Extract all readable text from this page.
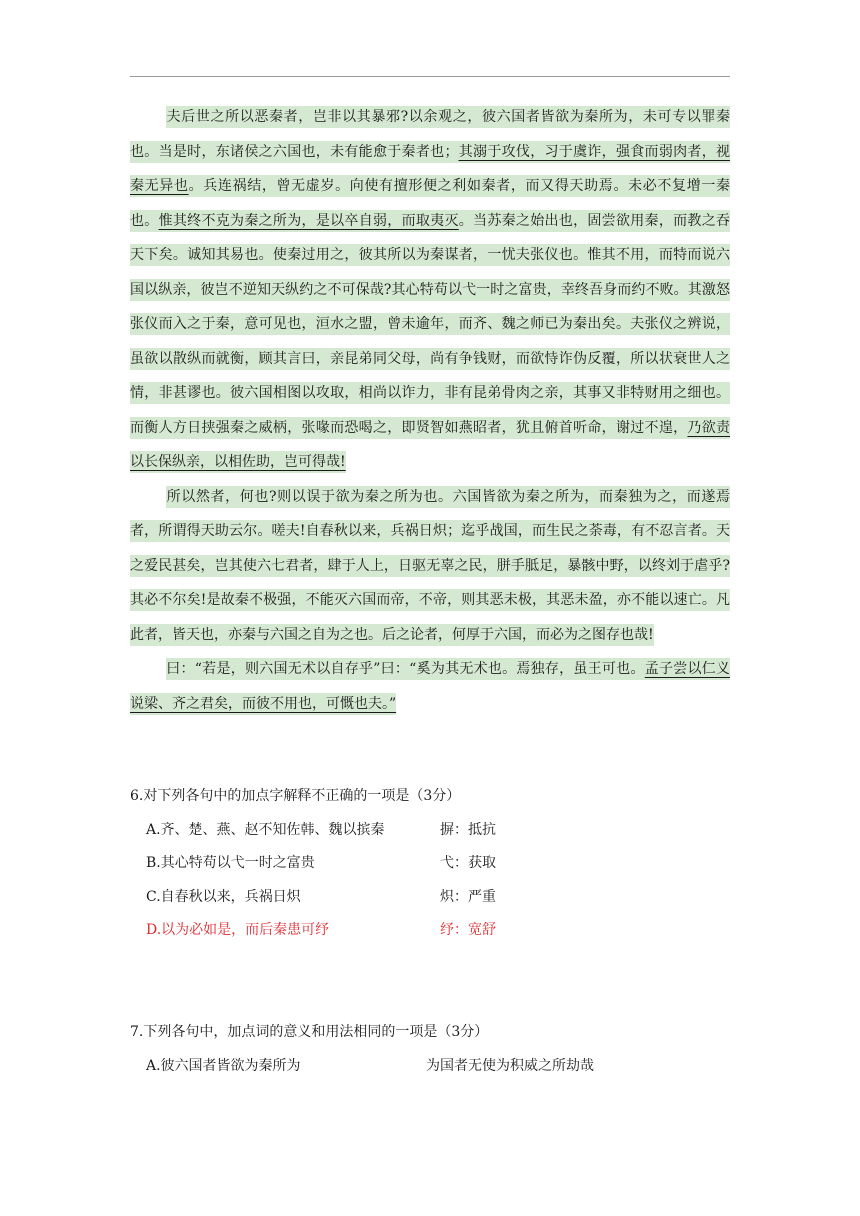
夫后世之所以恶秦者，岂非以其暴邪?以余观之，彼六国者皆欲为秦所为，未可专以罪秦也。当是时，东诸侯之六国也，未有能愈于秦者也；其溺于攻伐，习于虞诈，强食而弱肉者，视秦无异也。兵连祸结，曾无虚岁。向使有擅形便之利如秦者，而又得天助焉。未必不复增一秦也。惟其终不克为秦之所为，是以卒自弱，而取夷灭。当苏秦之始出也，固尝欲用秦，而教之吞天下矣。诚知其易也。使秦过用之，彼其所以为秦谋者，一忧夫张仪也。惟其不用，而特而说六国以纵亲，彼岂不逆知天纵约之不可保哉?其心特苟以弋一时之富贵，幸终吾身而约不败。其激怒张仪而入之于秦，意可见也，洹水之盟，曾未逾年，而齐、魏之师已为秦出矣。夫张仪之辨说，虽欲以散纵而就衡，顾其言曰，亲昆弟同父母，尚有争钱财，而欲恃诈伪反覆，所以状衰世人之情，非甚谬也。彼六国相图以攻取，相尚以诈力，非有昆弟骨肉之亲，其事又非特财用之细也。而衡人方日挟强秦之威柄，张喙而恐喝之，即贤智如燕昭者，犹且俯首听命，谢过不遑，乃欲责以长保纵亲，以相佐助，岂可得哉!

所以然者，何也?则以误于欲为秦之所为也。六国皆欲为秦之所为，而秦独为之，而遂焉者，所谓得天助云尔。嗟夫!自春秋以来，兵祸日炽；迄乎战国，而生民之荼毒，有不忍言者。天之爱民甚矣，岂其使六七君者，肆于人上，日驱无辜之民，胼手胝足，暴骸中野，以终刘于虐乎?其必不尔矣!是故秦不极强，不能灭六国而帝，不帝，则其恶未极，其恶未盈，亦不能以速亡。凡此者，皆天也，亦秦与六国之自为之也。后之论者，何厚于六国，而必为之图存也哉!

曰：“若是，则六国无术以自存乎”曰：“奚为其无术也。焉独存，虽王可也。孟子尝以仁义说梁、齐之君矣，而彼不用也，可慨也夫。”

6.对下列各句中的加点字解释不正确的一项是（3分）

A.齐、楚、燕、赵不知佐韩、魏以摈秦	摒：抵抗
B.其心特苟以弋一时之富贵	弋：获取
C.自春秋以来，兵祸日炽	炽：严重
D.以为必如是，而后秦患可纾	纾：宽舒

7.下列各句中，加点词的意义和用法相同的一项是（3分）

A.彼六国者皆欲为秦所为	为国者无使为积威之所劫哉
